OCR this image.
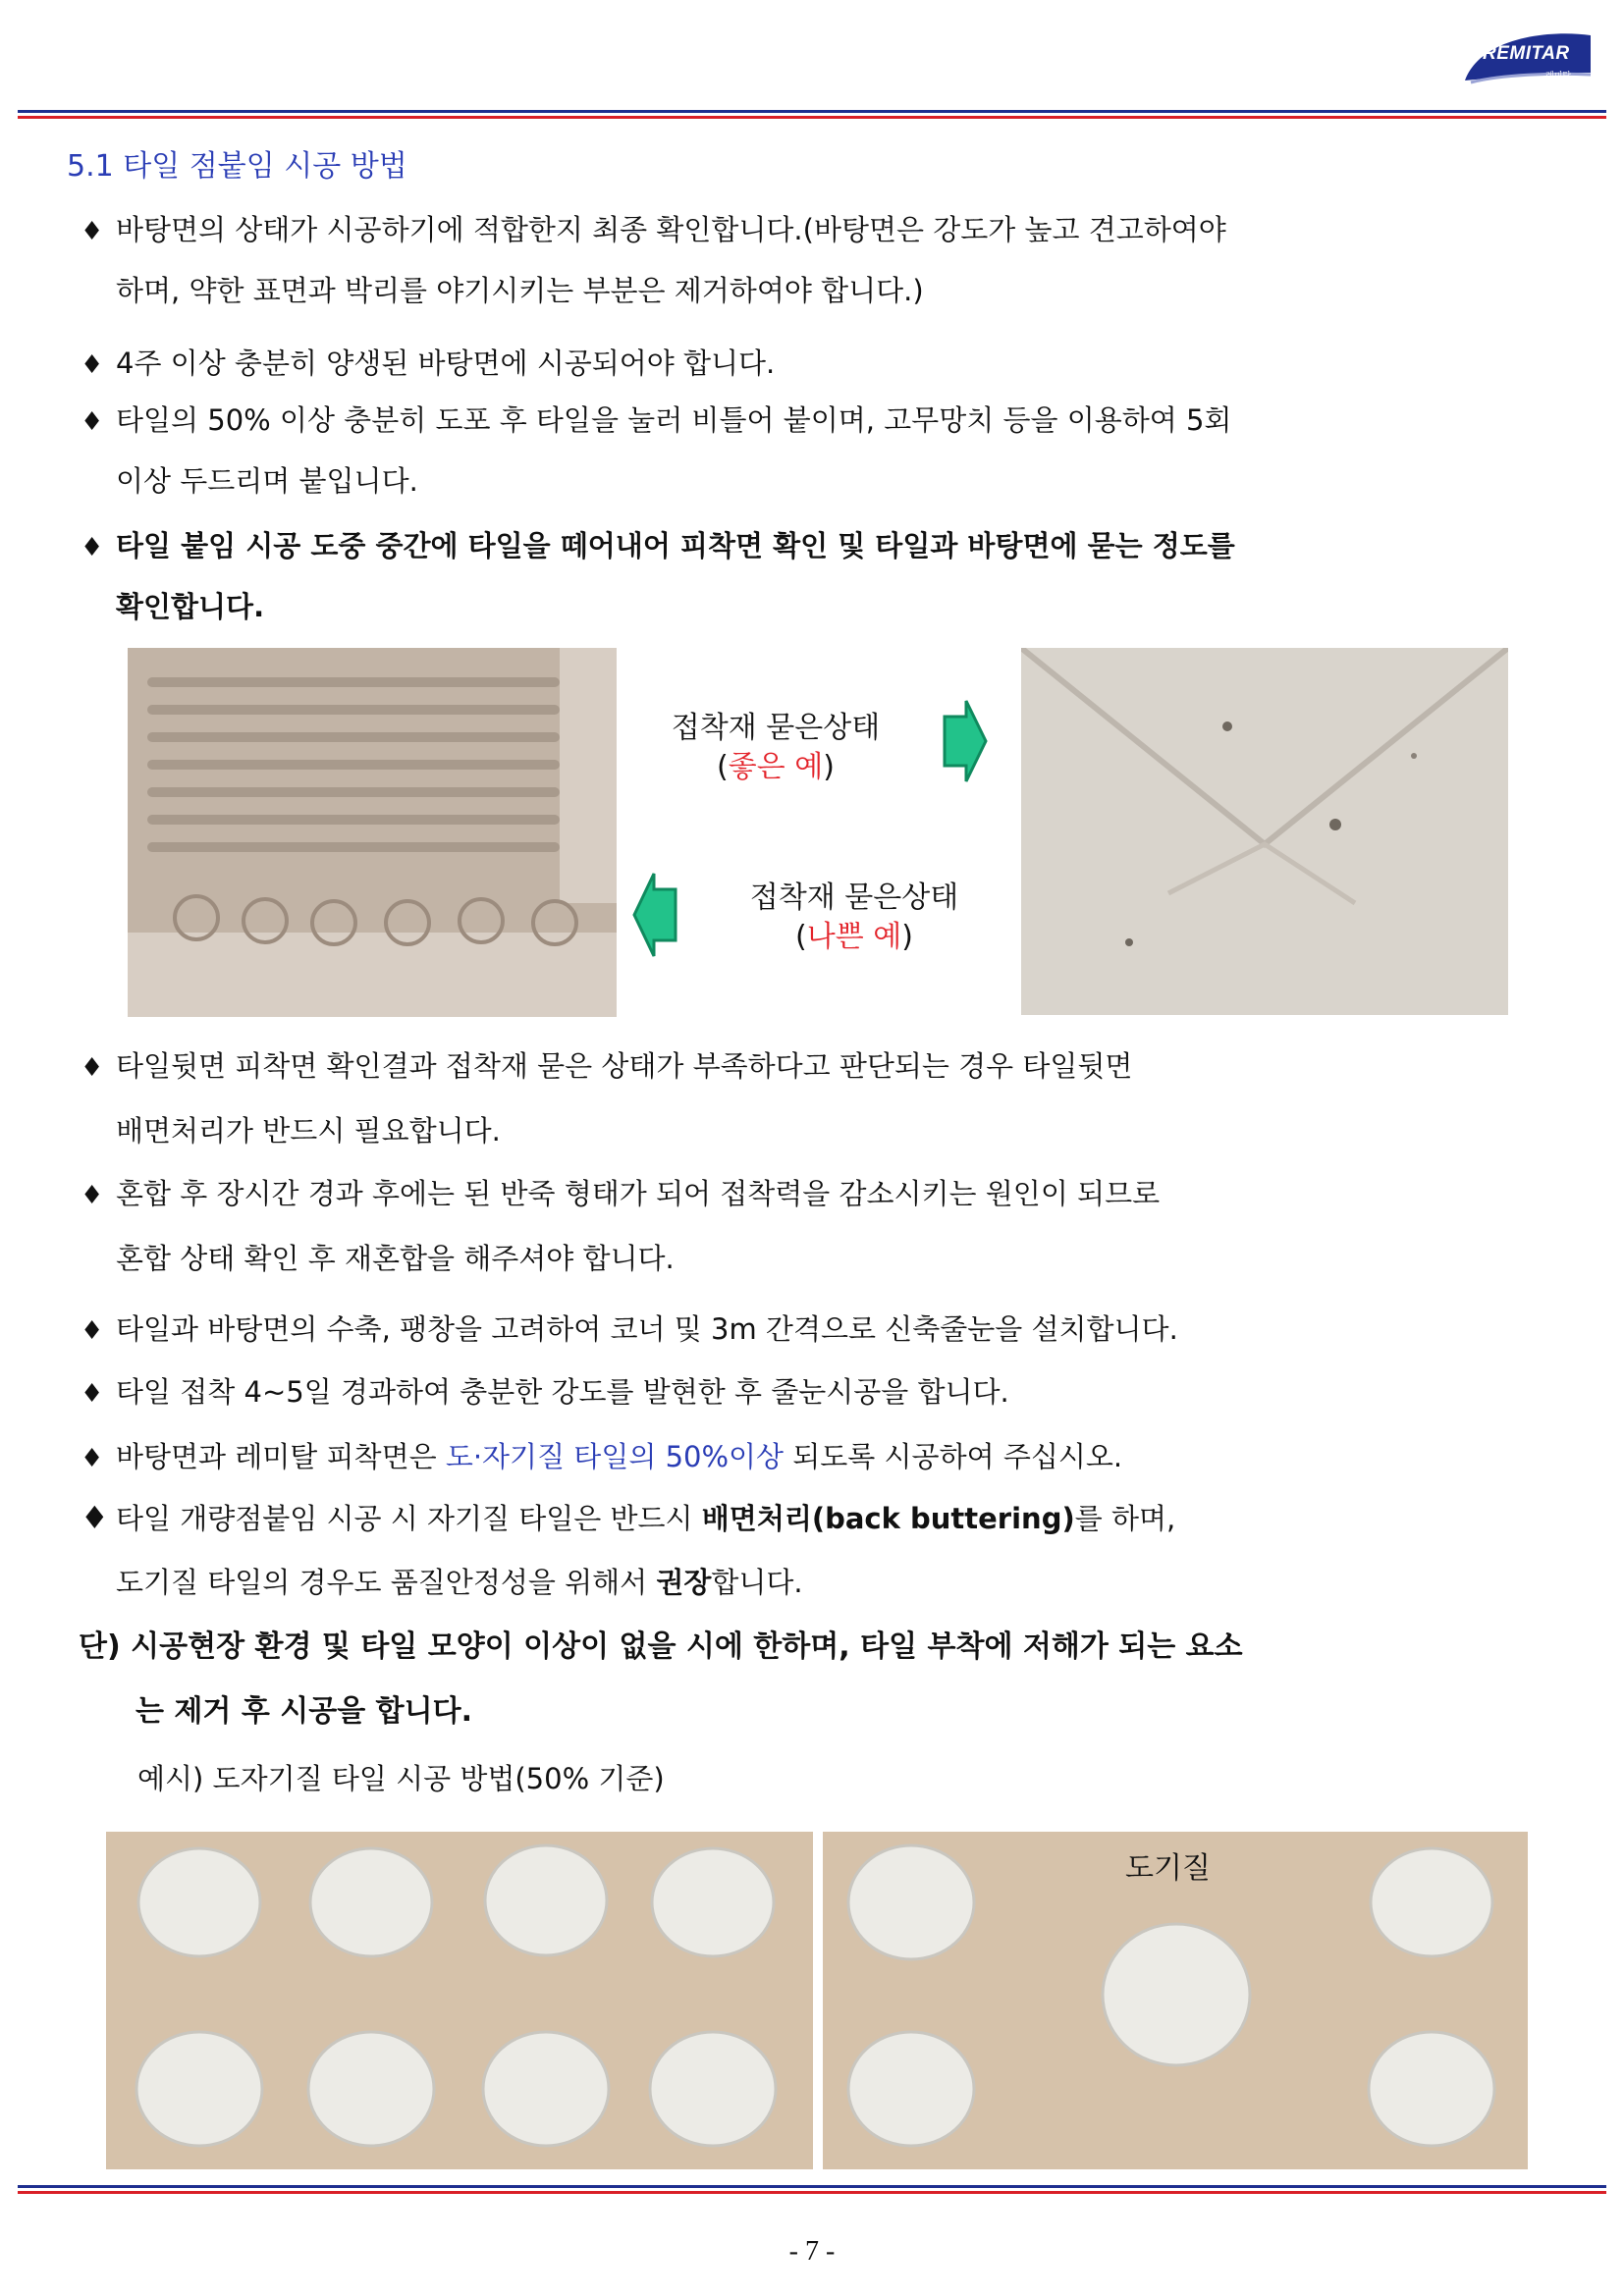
REMITAR
레미탈
5.1 타일 점붙임 시공 방법
♦ 바탕면의 상태가 시공하기에 적합한지 최종 확인합니다.(바탕면은 강도가 높고 견고하여야
하며, 약한 표면과 박리를 야기시키는 부분은 제거하여야 합니다.)
♦ 4주 이상 충분히 양생된 바탕면에 시공되어야 합니다.
♦ 타일의 50% 이상 충분히 도포 후 타일을 눌러 비틀어 붙이며, 고무망치 등을 이용하여 5회
이상 두드리며 붙입니다.
♦ 타일 붙임 시공 도중 중간에 타일을 떼어내어 피착면 확인 및 타일과 바탕면에 묻는 정도를
확인합니다.
접착재 묻은상태
(좋은 예)
접착재 묻은상태
(나쁜 예)
♦ 타일뒷면 피착면 확인결과 접착재 묻은 상태가 부족하다고 판단되는 경우 타일뒷면
배면처리가 반드시 필요합니다.
♦ 혼합 후 장시간 경과 후에는 된 반죽 형태가 되어 접착력을 감소시키는 원인이 되므로
혼합 상태 확인 후 재혼합을 해주셔야 합니다.
♦ 타일과 바탕면의 수축, 팽창을 고려하여 코너 및 3m 간격으로 신축줄눈을 설치합니다.
♦ 타일 접착 4~5일 경과하여 충분한 강도를 발현한 후 줄눈시공을 합니다.
♦ 바탕면과 레미탈 피착면은 도·자기질 타일의 50%이상 되도록 시공하여 주십시오.
♦ 타일 개량점붙임 시공 시 자기질 타일은 반드시 배면처리(back buttering)를 하며,
도기질 타일의 경우도 품질안정성을 위해서 권장합니다.
단) 시공현장 환경 및 타일 모양이 이상이 없을 시에 한하며, 타일 부착에 저해가 되는 요소
는 제거 후 시공을 합니다.
예시) 도자기질 타일 시공 방법(50% 기준)
도기질
- 7 -
